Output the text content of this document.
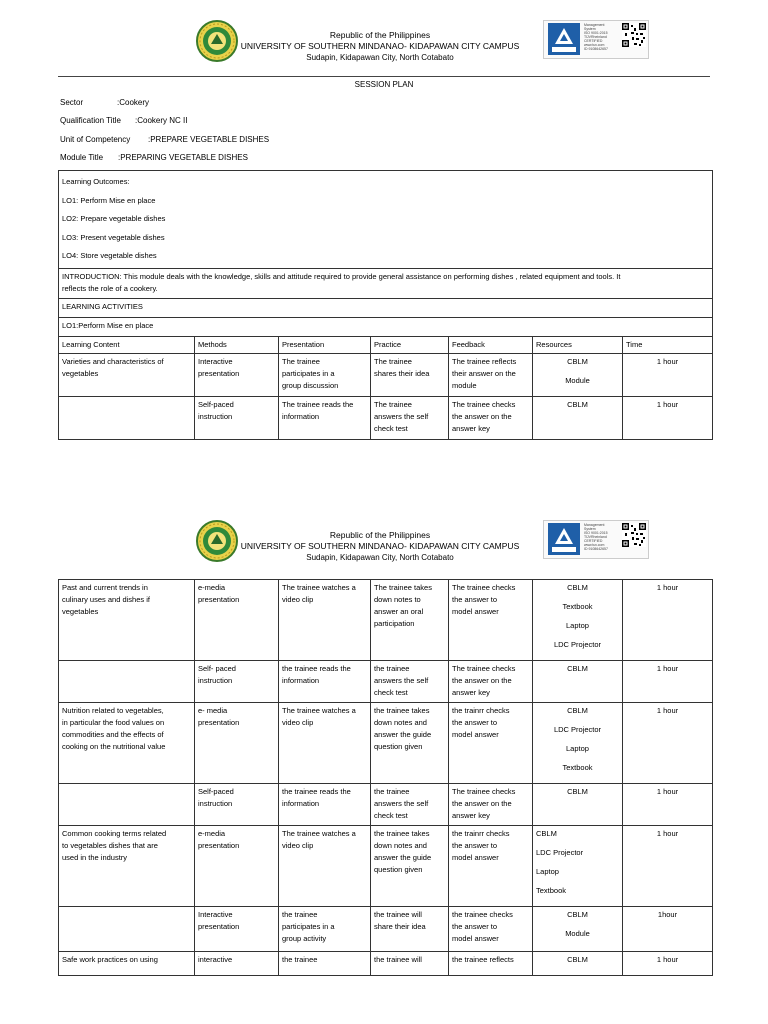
Republic of the Philippines
UNIVERSITY OF SOUTHERN MINDANAO- KIDAPAWAN CITY CAMPUS
Sudapin, Kidapawan City, North Cotabato
Management
System
ISO 9001:2015
TÜVRheinland
CERTIFIED
www.tuv.com
ID 9108642657
SESSION PLAN
Sector	:Cookery
Qualification Title :Cookery NC II
Unit of Competency :PREPARE VEGETABLE DISHES
Module Title :PREPARING VEGETABLE DISHES
Learning Outcomes:
LO1: Perform Mise en place
LO2: Prepare vegetable dishes
LO3: Present vegetable dishes
LO4: Store vegetable dishes						

INTRODUCTION: This module deals with the knowledge, skills and attitude required to provide general assistance on performing dishes , related equipment and tools. It
reflects the role of a cookery.						

LEARNING ACTIVITIES						
LO1:Perform Mise en place						
Learning Content	Methods	Presentation	Practice	Feedback	Resources	Time

Varieties and characteristics of
vegetables	Interactive
presentation	The trainee
participates in a
group discussion	The trainee
shares their idea	The trainee reflects
their answer on the
module	CBLM
Module	1 hour

	Self-paced
instruction	The trainee reads the
information	The trainee
answers the self
check test	The trainee checks
the answer on the
answer key	CBLM	1 hour
Republic of the Philippines
UNIVERSITY OF SOUTHERN MINDANAO- KIDAPAWAN CITY CAMPUS
Sudapin, Kidapawan City, North Cotabato
Management
System
ISO 9001:2015
TÜVRheinland
CERTIFIED
www.tuv.com
ID 9108642657
Past and current trends in
culinary uses and dishes if
vegetables	e-media
presentation	The trainee watches a
video clip	The trainee takes
down notes to
answer an oral
participation	The trainee checks
the answer to
model answer	CBLM
Textbook
Laptop
LDC Projector	1 hour

	Self- paced
instruction	the trainee reads the
information	the trainee
answers the self
check test	The trainee checks
the answer on the
answer key	CBLM	1 hour

Nutrition related to vegetables,
in particular the food values on
commodities and the effects of
cooking on the nutritional value	e- media
presentation	The trainee watches a
video clip	the trainee takes
down notes and
answer the guide
question given	the trainrr checks
the answer to
model answer	CBLM
LDC Projector
Laptop
Textbook	1 hour

	Self-paced
instruction	the trainee reads the
information	the trainee
answers the self
check test	The trainee checks
the answer on the
answer key	CBLM	1 hour

Common cooking terms related
to vegetables dishes that are
used in the industry	e-media
presentation	The trainee watches a
video clip	the trainee takes
down notes and
answer the guide
question given	the trainrr checks
the answer to
model answer	CBLM
LDC Projector
Laptop
Textbook	1 hour

	Interactive
presentation	the trainee
participates in a
group activity	the trainee will
share their idea	the trainee checks
the answer to
model answer	CBLM
Module	1hour

Safe work practices on using	interactive	the trainee	the trainee will	the trainee reflects	CBLM	1 hour
